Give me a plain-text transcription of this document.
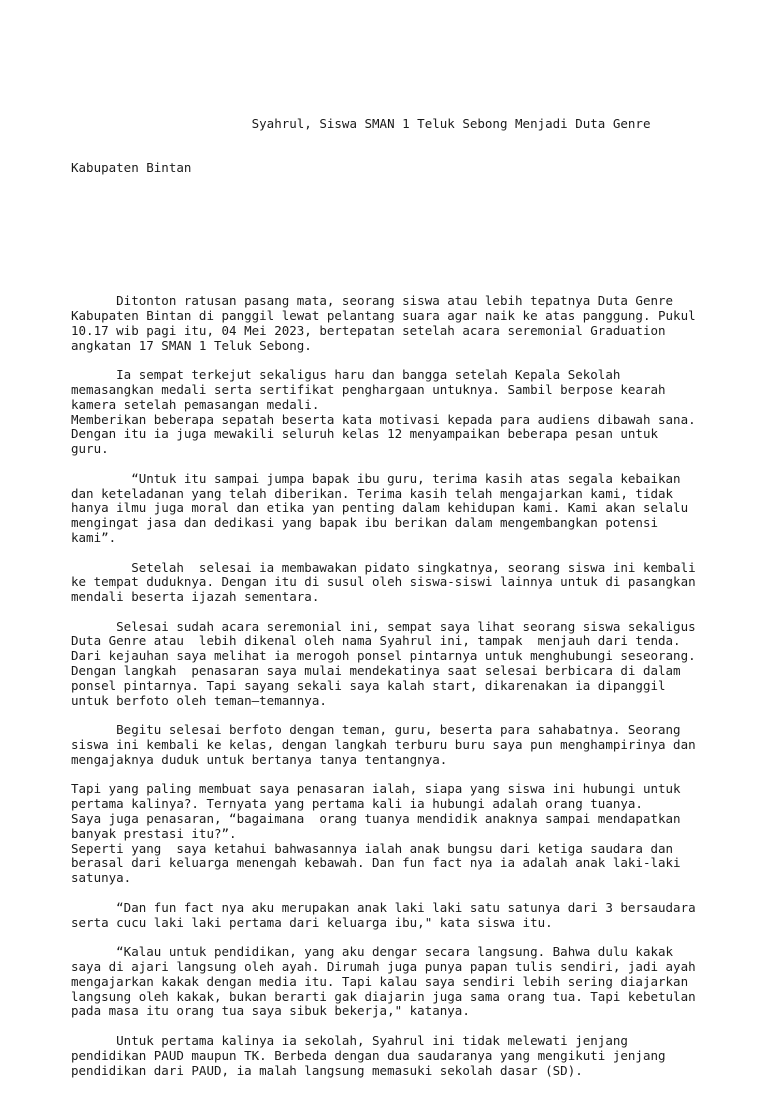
Syahrul, Siswa SMAN 1 Teluk Sebong Menjadi Duta Genre

Kabupaten Bintan

Ditonton ratusan pasang mata, seorang siswa atau lebih tepatnya Duta Genre
Kabupaten Bintan di panggil lewat pelantang suara agar naik ke atas panggung. Pukul
10.17 wib pagi itu, 04 Mei 2023, bertepatan setelah acara seremonial Graduation
angkatan 17 SMAN 1 Teluk Sebong.
Ia sempat terkejut sekaligus haru dan bangga setelah Kepala Sekolah
memasangkan medali serta sertifikat penghargaan untuknya. Sambil berpose kearah
kamera setelah pemasangan medali.
Memberikan beberapa sepatah beserta kata motivasi kepada para audiens dibawah sana.
Dengan itu ia juga mewakili seluruh kelas 12 menyampaikan beberapa pesan untuk
guru.
“Untuk itu sampai jumpa bapak ibu guru, terima kasih atas segala kebaikan
dan keteladanan yang telah diberikan. Terima kasih telah mengajarkan kami, tidak
hanya ilmu juga moral dan etika yan penting dalam kehidupan kami. Kami akan selalu
mengingat jasa dan dedikasi yang bapak ibu berikan dalam mengembangkan potensi
kami”.
Setelah  selesai ia membawakan pidato singkatnya, seorang siswa ini kembali
ke tempat duduknya. Dengan itu di susul oleh siswa-siswi lainnya untuk di pasangkan
mendali beserta ijazah sementara.
Selesai sudah acara seremonial ini, sempat saya lihat seorang siswa sekaligus
Duta Genre atau  lebih dikenal oleh nama Syahrul ini, tampak  menjauh dari tenda.
Dari kejauhan saya melihat ia merogoh ponsel pintarnya untuk menghubungi seseorang.
Dengan langkah  penasaran saya mulai mendekatinya saat selesai berbicara di dalam
ponsel pintarnya. Tapi sayang sekali saya kalah start, dikarenakan ia dipanggil
untuk berfoto oleh teman–temannya.
Begitu selesai berfoto dengan teman, guru, beserta para sahabatnya. Seorang
siswa ini kembali ke kelas, dengan langkah terburu buru saya pun menghampirinya dan
mengajaknya duduk untuk bertanya tanya tentangnya.
Tapi yang paling membuat saya penasaran ialah, siapa yang siswa ini hubungi untuk
pertama kalinya?. Ternyata yang pertama kali ia hubungi adalah orang tuanya.
Saya juga penasaran, “bagaimana  orang tuanya mendidik anaknya sampai mendapatkan
banyak prestasi itu?”.
Seperti yang  saya ketahui bahwasannya ialah anak bungsu dari ketiga saudara dan
berasal dari keluarga menengah kebawah. Dan fun fact nya ia adalah anak laki-laki
satunya.
“Dan fun fact nya aku merupakan anak laki laki satu satunya dari 3 bersaudara
serta cucu laki laki pertama dari keluarga ibu," kata siswa itu.
“Kalau untuk pendidikan, yang aku dengar secara langsung. Bahwa dulu kakak
saya di ajari langsung oleh ayah. Dirumah juga punya papan tulis sendiri, jadi ayah
mengajarkan kakak dengan media itu. Tapi kalau saya sendiri lebih sering diajarkan
langsung oleh kakak, bukan berarti gak diajarin juga sama orang tua. Tapi kebetulan
pada masa itu orang tua saya sibuk bekerja," katanya.
Untuk pertama kalinya ia sekolah, Syahrul ini tidak melewati jenjang
pendidikan PAUD maupun TK. Berbeda dengan dua saudaranya yang mengikuti jenjang
pendidikan dari PAUD, ia malah langsung memasuki sekolah dasar (SD).
